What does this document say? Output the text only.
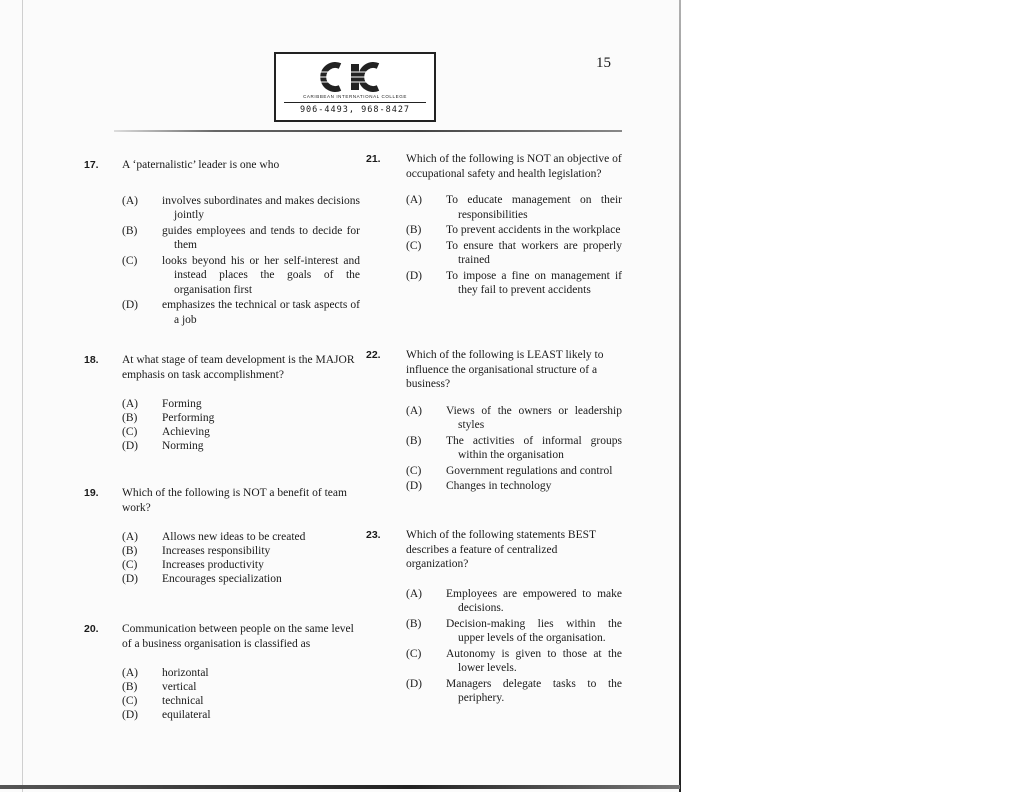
15
CARIBBEAN INTERNATIONAL COLLEGE
906-4493, 968-8427
17. A ‘paternalistic’ leader is one who
(A) involves subordinates and makes decisions jointly
(B) guides employees and tends to decide for them
(C) looks beyond his or her self-interest and instead places the goals of the organisation first
(D) emphasizes the technical or task aspects of a job
18. At what stage of team development is the MAJOR emphasis on task accomplishment?
(A) Forming
(B) Performing
(C) Achieving
(D) Norming
19. Which of the following is NOT a benefit of team work?
(A) Allows new ideas to be created
(B) Increases responsibility
(C) Increases productivity
(D) Encourages specialization
20. Communication between people on the same level of a business organisation is classified as
(A) horizontal
(B) vertical
(C) technical
(D) equilateral
21. Which of the following is NOT an objective of occupational safety and health legislation?
(A) To educate management on their responsibilities
(B) To prevent accidents in the workplace
(C) To ensure that workers are properly trained
(D) To impose a fine on management if they fail to prevent accidents
22. Which of the following is LEAST likely to influence the organisational structure of a business?
(A) Views of the owners or leadership styles
(B) The activities of informal groups within the organisation
(C) Government regulations and control
(D) Changes in technology
23. Which of the following statements BEST describes a feature of centralized organization?
(A) Employees are empowered to make decisions.
(B) Decision-making lies within the upper levels of the organisation.
(C) Autonomy is given to those at the lower levels.
(D) Managers delegate tasks to the periphery.
